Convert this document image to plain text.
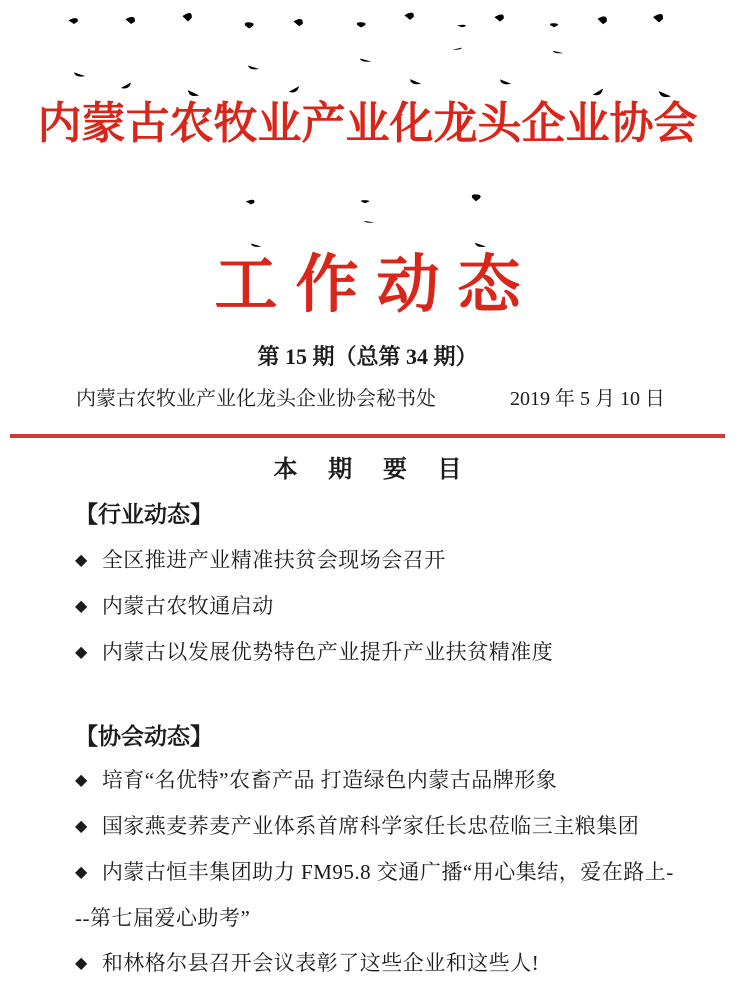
内蒙古农牧业产业化龙头企业协会
工作动态
第 15 期（总第 34 期）
内蒙古农牧业产业化龙头企业协会秘书处	2019 年 5 月 10 日
本 期 要 目
【行业动态】
◆ 全区推进产业精准扶贫会现场会召开
◆ 内蒙古农牧通启动
◆ 内蒙古以发展优势特色产业提升产业扶贫精准度
【协会动态】
◆ 培育“名优特”农畜产品 打造绿色内蒙古品牌形象
◆ 国家燕麦荞麦产业体系首席科学家任长忠莅临三主粮集团
◆ 内蒙古恒丰集团助力 FM95.8 交通广播“用心集结，爱在路上---第七届爱心助考”
◆ 和林格尔县召开会议表彰了这些企业和这些人!
